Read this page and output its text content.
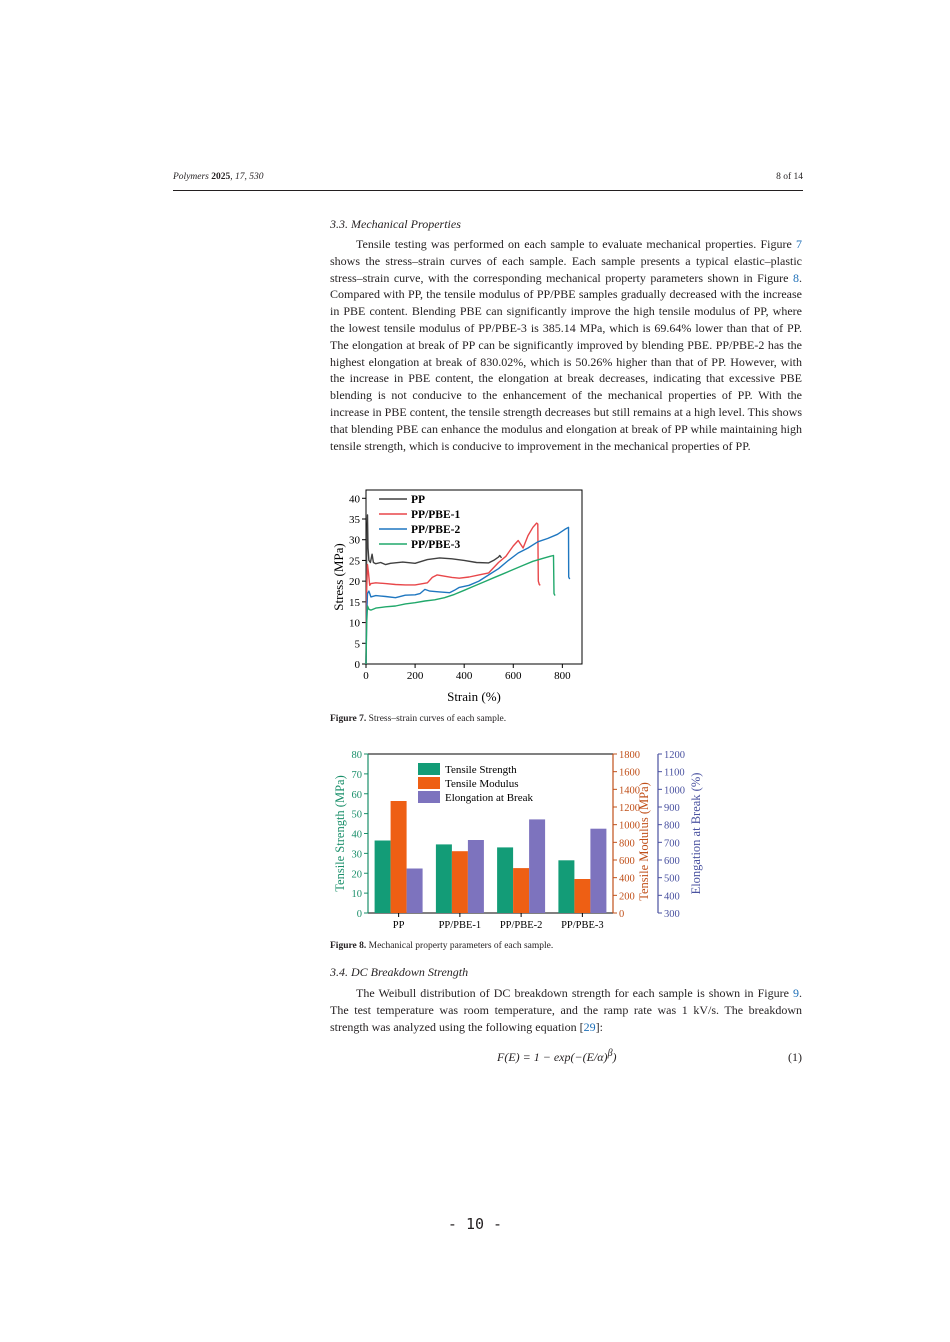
Polymers 2025, 17, 530	8 of 14
3.3. Mechanical Properties

Tensile testing was performed on each sample to evaluate mechanical properties. Figure 7 shows the stress–strain curves of each sample. Each sample presents a typical elastic–plastic stress–strain curve, with the corresponding mechanical property parameters shown in Figure 8. Compared with PP, the tensile modulus of PP/PBE samples gradually decreased with the increase in PBE content. Blending PBE can significantly improve the high tensile modulus of PP, where the lowest tensile modulus of PP/PBE-3 is 385.14 MPa, which is 69.64% lower than that of PP. The elongation at break of PP can be significantly improved by blending PBE. PP/PBE-2 has the highest elongation at break of 830.02%, which is 50.26% higher than that of PP. However, with the increase in PBE content, the elongation at break decreases, indicating that excessive PBE blending is not conducive to the enhancement of the mechanical properties of PP. With the increase in PBE content, the tensile strength decreases but still remains at a high level. This shows that blending PBE can enhance the modulus and elongation at break of PP while maintaining high tensile strength, which is conducive to improvement in the mechanical properties of PP.

0	200	400	600	800
0
5
10
15
20
25
30
35
40
Strain (%)
Stress (MPa)
PP
PP/PBE-1
PP/PBE-2
PP/PBE-3
Figure 7. Stress–strain curves of each sample.
0
10
20
30
40
50
60
70
80
Tensile Strength (MPa)
0
200
400
600
800
1000
1200
1400
1600
1800
Tensile Modulus (MPa)
300
400
500
600
700
800
900
1000
1100
1200
Elongation at Break (%)
PP	PP/PBE-1 PP/PBE-2 PP/PBE-3
Tensile Strength
Tensile Modulus
Elongation at Break
Figure 8. Mechanical property parameters of each sample.
3.4. DC Breakdown Strength

The Weibull distribution of DC breakdown strength for each sample is shown in Figure 9. The test temperature was room temperature, and the ramp rate was 1 kV/s. The breakdown strength was analyzed using the following equation [29]:

$F(E) = 1 - \exp(-(E/\alpha)^\beta)$	(1)
- 10 -
